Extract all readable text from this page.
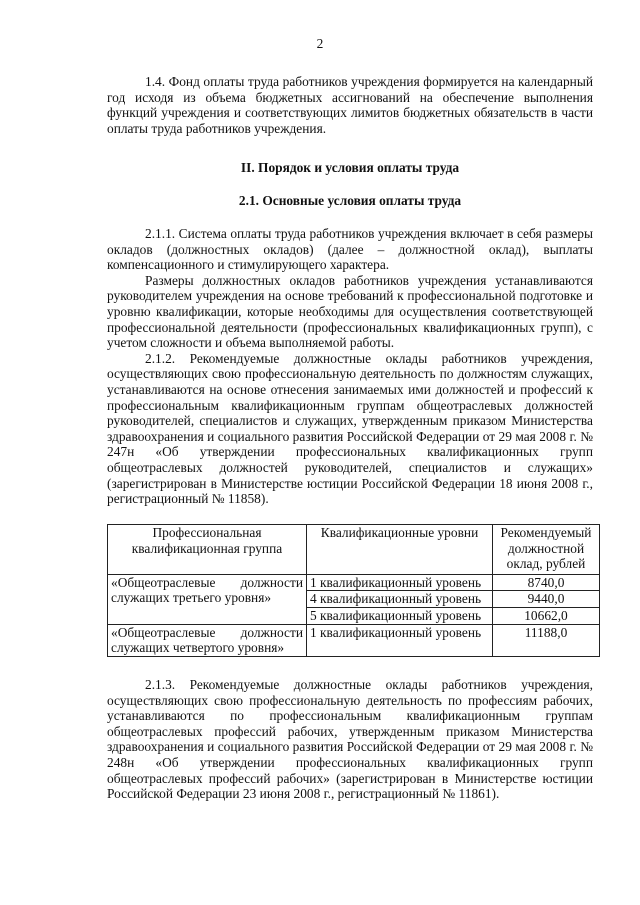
2

1.4. Фонд оплаты труда работников учреждения формируется на календарный год исходя из объема бюджетных ассигнований на обеспечение выполнения функций учреждения и соответствующих лимитов бюджетных обязательств в части оплаты труда работников учреждения.

II. Порядок и условия оплаты труда

2.1. Основные условия оплаты труда

2.1.1. Система оплаты труда работников учреждения включает в себя размеры окладов (должностных окладов) (далее – должностной оклад), выплаты компенсационного и стимулирующего характера.

Размеры должностных окладов работников учреждения устанавливаются руководителем учреждения на основе требований к профессиональной подготовке и уровню квалификации, которые необходимы для осуществления соответствующей профессиональной деятельности (профессиональных квалификационных групп), с учетом сложности и объема выполняемой работы.

2.1.2. Рекомендуемые должностные оклады работников учреждения, осуществляющих свою профессиональную деятельность по должностям служащих, устанавливаются на основе отнесения занимаемых ими должностей и профессий к профессиональным квалификационным группам общеотраслевых должностей руководителей, специалистов и служащих, утвержденным приказом Министерства здравоохранения и социального развития Российской Федерации от 29 мая 2008 г. № 247н «Об утверждении профессиональных квалификационных групп общеотраслевых должностей руководителей, специалистов и служащих» (зарегистрирован в Министерстве юстиции Российской Федерации 18 июня 2008 г., регистрационный № 11858).

Профессиональная квалификационная группа	Квалификационные уровни	Рекомендуемый должностной оклад, рублей
«Общеотраслевые должности
служащих третьего уровня»	1 квалификационный уровень	8740,0
	4 квалификационный уровень	9440,0
	5 квалификационный уровень	10662,0
«Общеотраслевые должности
служащих четвертого уровня»	1 квалификационный уровень	11188,0

2.1.3. Рекомендуемые должностные оклады работников учреждения, осуществляющих свою профессиональную деятельность по профессиям рабочих, устанавливаются по профессиональным квалификационным группам общеотраслевых профессий рабочих, утвержденным приказом Министерства здравоохранения и социального развития Российской Федерации от 29 мая 2008 г. № 248н «Об утверждении профессиональных квалификационных групп общеотраслевых профессий рабочих» (зарегистрирован в Министерстве юстиции Российской Федерации 23 июня 2008 г., регистрационный № 11861).
